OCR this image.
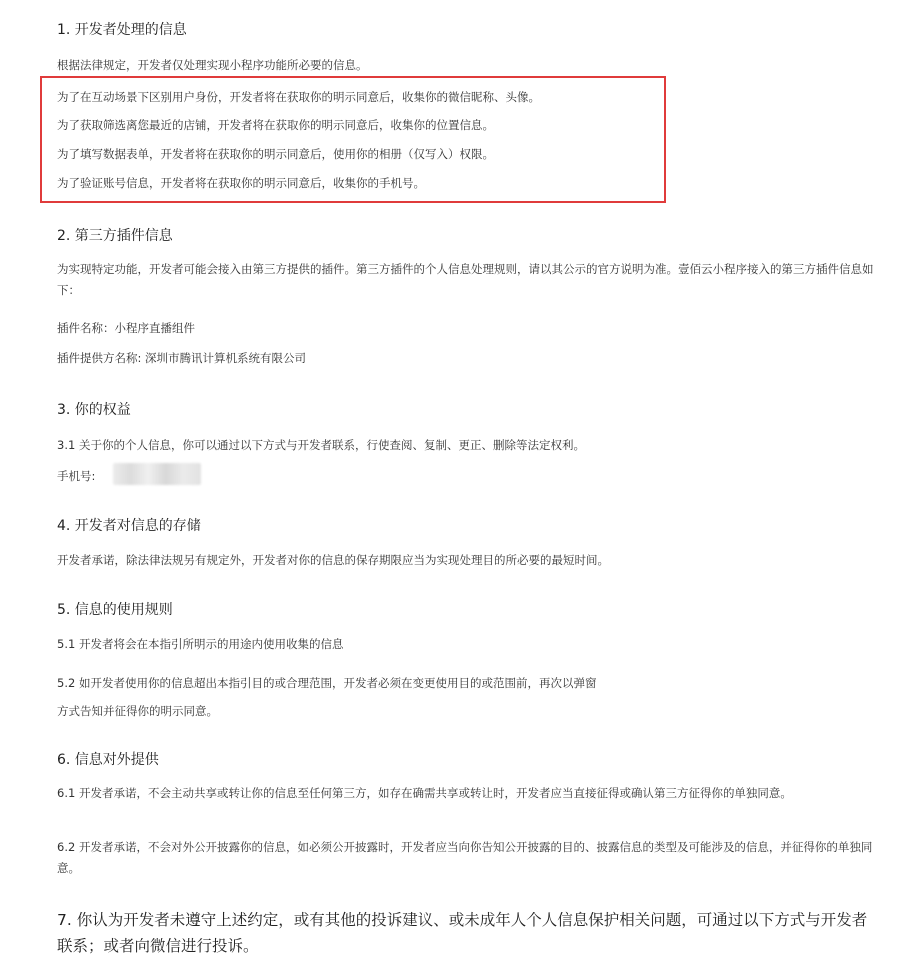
1. 开发者处理的信息
根据法律规定，开发者仅处理实现小程序功能所必要的信息。
为了在互动场景下区别用户身份，开发者将在获取你的明示同意后，收集你的微信昵称、头像。
为了获取筛选离您最近的店铺，开发者将在获取你的明示同意后，收集你的位置信息。
为了填写数据表单，开发者将在获取你的明示同意后，使用你的相册（仅写入）权限。
为了验证账号信息，开发者将在获取你的明示同意后，收集你的手机号。
2. 第三方插件信息
为实现特定功能，开发者可能会接入由第三方提供的插件。第三方插件的个人信息处理规则，请以其公示的官方说明为准。壹佰云小程序接入的第三方插件信息如下：
插件名称：小程序直播组件
插件提供方名称: 深圳市腾讯计算机系统有限公司
3. 你的权益
3.1 关于你的个人信息，你可以通过以下方式与开发者联系，行使查阅、复制、更正、删除等法定权利。
手机号:
4. 开发者对信息的存储
开发者承诺，除法律法规另有规定外，开发者对你的信息的保存期限应当为实现处理目的所必要的最短时间。
5. 信息的使用规则
5.1 开发者将会在本指引所明示的用途内使用收集的信息
5.2 如开发者使用你的信息超出本指引目的或合理范围，开发者必须在变更使用目的或范围前，再次以弹窗
方式告知并征得你的明示同意。
6. 信息对外提供
6.1 开发者承诺，不会主动共享或转让你的信息至任何第三方，如存在确需共享或转让时，开发者应当直接征得或确认第三方征得你的单独同意。
6.2 开发者承诺，不会对外公开披露你的信息，如必须公开披露时，开发者应当向你告知公开披露的目的、披露信息的类型及可能涉及的信息，并征得你的单独同意。
7. 你认为开发者未遵守上述约定，或有其他的投诉建议、或未成年人个人信息保护相关问题，可通过以下方式与开发者联系；或者向微信进行投诉。
